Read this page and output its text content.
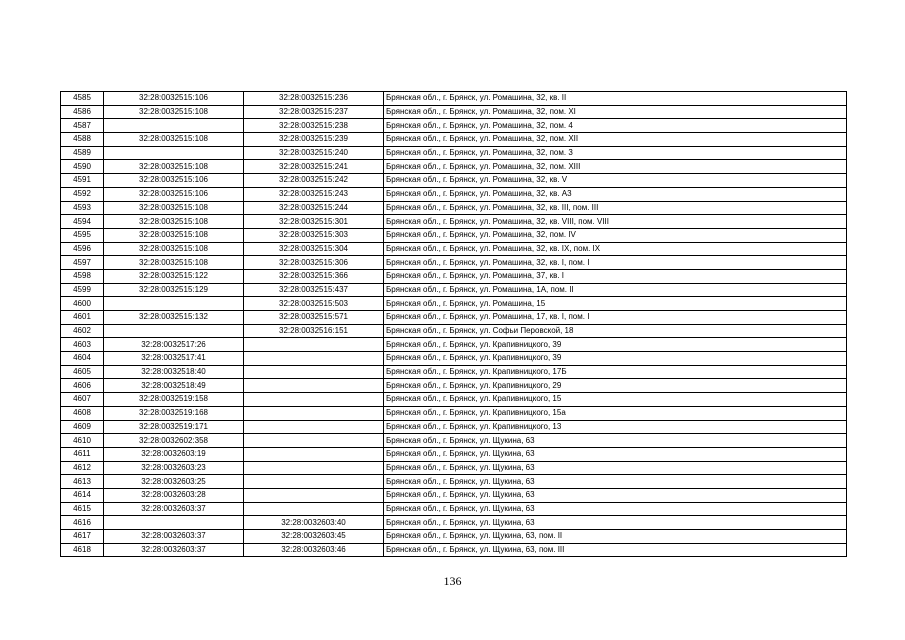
4585	32:28:0032515:106	32:28:0032515:236	Брянская обл., г. Брянск, ул. Ромашина, 32, кв. II
4586	32:28:0032515:108	32:28:0032515:237	Брянская обл., г. Брянск, ул. Ромашина, 32, пом. XI
4587		32:28:0032515:238	Брянская обл., г. Брянск, ул. Ромашина, 32, пом. 4
4588	32:28:0032515:108	32:28:0032515:239	Брянская обл., г. Брянск, ул. Ромашина, 32, пом. XII
4589		32:28:0032515:240	Брянская обл., г. Брянск, ул. Ромашина, 32, пом. 3
4590	32:28:0032515:108	32:28:0032515:241	Брянская обл., г. Брянск, ул. Ромашина, 32, пом. XIII
4591	32:28:0032515:106	32:28:0032515:242	Брянская обл., г. Брянск, ул. Ромашина, 32, кв. V
4592	32:28:0032515:106	32:28:0032515:243	Брянская обл., г. Брянск, ул. Ромашина, 32, кв. А3
4593	32:28:0032515:108	32:28:0032515:244	Брянская обл., г. Брянск, ул. Ромашина, 32, кв. III, пом. III
4594	32:28:0032515:108	32:28:0032515:301	Брянская обл., г. Брянск, ул. Ромашина, 32, кв. VIII, пом. VIII
4595	32:28:0032515:108	32:28:0032515:303	Брянская обл., г. Брянск, ул. Ромашина, 32, пом. IV
4596	32:28:0032515:108	32:28:0032515:304	Брянская обл., г. Брянск, ул. Ромашина, 32, кв. IX, пом. IX
4597	32:28:0032515:108	32:28:0032515:306	Брянская обл., г. Брянск, ул. Ромашина, 32, кв. I, пом. I
4598	32:28:0032515:122	32:28:0032515:366	Брянская обл., г. Брянск, ул. Ромашина, 37, кв. I
4599	32:28:0032515:129	32:28:0032515:437	Брянская обл., г. Брянск, ул. Ромашина, 1А, пом. II
4600		32:28:0032515:503	Брянская обл., г. Брянск, ул. Ромашина, 15
4601	32:28:0032515:132	32:28:0032515:571	Брянская обл., г. Брянск, ул. Ромашина, 17, кв. I, пом. I
4602		32:28:0032516:151	Брянская обл., г. Брянск, ул. Софьи Перовской, 18
4603	32:28:0032517:26		Брянская обл., г. Брянск, ул. Крапивницкого, 39
4604	32:28:0032517:41		Брянская обл., г. Брянск, ул. Крапивницкого, 39
4605	32:28:0032518:40		Брянская обл., г. Брянск, ул. Крапивницкого, 17Б
4606	32:28:0032518:49		Брянская обл., г. Брянск, ул. Крапивницкого, 29
4607	32:28:0032519:158		Брянская обл., г. Брянск, ул. Крапивницкого, 15
4608	32:28:0032519:168		Брянская обл., г. Брянск, ул. Крапивницкого, 15а
4609	32:28:0032519:171		Брянская обл., г. Брянск, ул. Крапивницкого, 13
4610	32:28:0032602:358		Брянская обл., г. Брянск, ул. Щукина, 63
4611	32:28:0032603:19		Брянская обл., г. Брянск, ул. Щукина, 63
4612	32:28:0032603:23		Брянская обл., г. Брянск, ул. Щукина, 63
4613	32:28:0032603:25		Брянская обл., г. Брянск, ул. Щукина, 63
4614	32:28:0032603:28		Брянская обл., г. Брянск, ул. Щукина, 63
4615	32:28:0032603:37		Брянская обл., г. Брянск, ул. Щукина, 63
4616		32:28:0032603:40	Брянская обл., г. Брянск, ул. Щукина, 63
4617	32:28:0032603:37	32:28:0032603:45	Брянская обл., г. Брянск, ул. Щукина, 63, пом. II
4618	32:28:0032603:37	32:28:0032603:46	Брянская обл., г. Брянск, ул. Щукина, 63, пом. III
136
